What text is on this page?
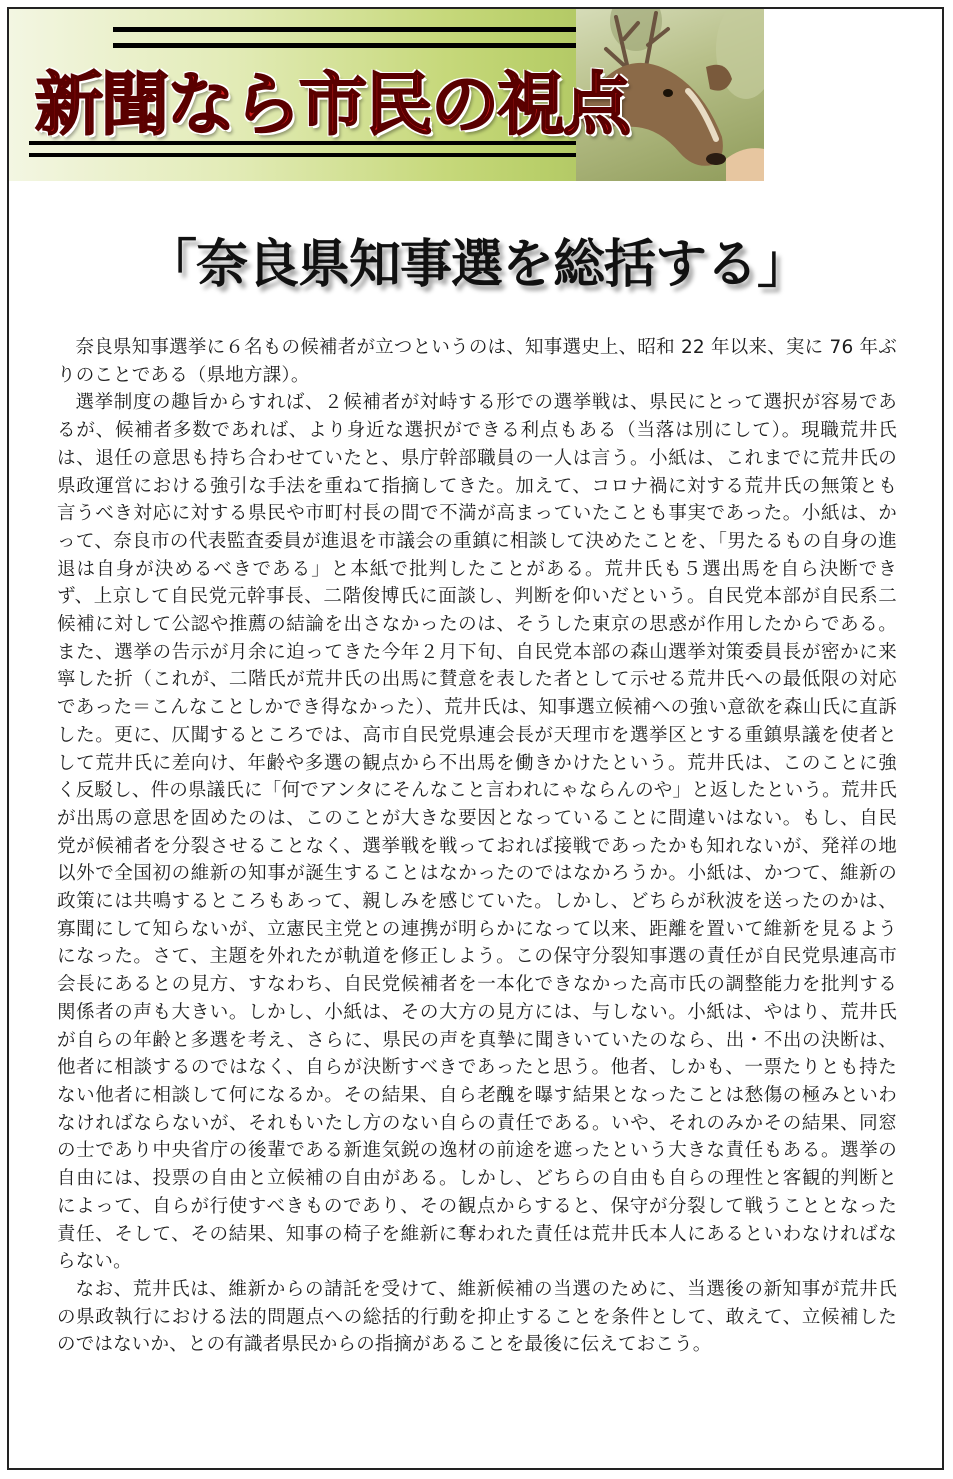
新聞なら市民の視点
「奈良県知事選を総括する」

奈良県知事選挙に６名もの候補者が立つというのは、知事選史上、昭和 22 年以来、実に 76 年ぶりのことである（県地方課）。

選挙制度の趣旨からすれば、２候補者が対峙する形での選挙戦は、県民にとって選択が容易であるが、候補者多数であれば、より身近な選択ができる利点もある（当落は別にして）。現職荒井氏は、退任の意思も持ち合わせていたと、県庁幹部職員の一人は言う。小紙は、これまでに荒井氏の県政運営における強引な手法を重ねて指摘してきた。加えて、コロナ禍に対する荒井氏の無策とも言うべき対応に対する県民や市町村長の間で不満が高まっていたことも事実であった。小紙は、かって、奈良市の代表監査委員が進退を市議会の重鎮に相談して決めたことを、「男たるもの自身の進退は自身が決めるべきである」と本紙で批判したことがある。荒井氏も５選出馬を自ら決断できず、上京して自民党元幹事長、二階俊博氏に面談し、判断を仰いだという。自民党本部が自民系二候補に対して公認や推薦の結論を出さなかったのは、そうした東京の思惑が作用したからである。また、選挙の告示が月余に迫ってきた今年２月下旬、自民党本部の森山選挙対策委員長が密かに来寧した折（これが、二階氏が荒井氏の出馬に賛意を表した者として示せる荒井氏への最低限の対応であった＝こんなことしかでき得なかった）、荒井氏は、知事選立候補への強い意欲を森山氏に直訴した。更に、仄聞するところでは、高市自民党県連会長が天理市を選挙区とする重鎮県議を使者として荒井氏に差向け、年齢や多選の観点から不出馬を働きかけたという。荒井氏は、このことに強く反駁し、件の県議氏に「何でアンタにそんなこと言われにゃならんのや」と返したという。荒井氏が出馬の意思を固めたのは、このことが大きな要因となっていることに間違いはない。もし、自民党が候補者を分裂させることなく、選挙戦を戦っておれば接戦であったかも知れないが、発祥の地以外で全国初の維新の知事が誕生することはなかったのではなかろうか。小紙は、かつて、維新の政策には共鳴するところもあって、親しみを感じていた。しかし、どちらが秋波を送ったのかは、寡聞にして知らないが、立憲民主党との連携が明らかになって以来、距離を置いて維新を見るようになった。さて、主題を外れたが軌道を修正しよう。この保守分裂知事選の責任が自民党県連高市会長にあるとの見方、すなわち、自民党候補者を一本化できなかった高市氏の調整能力を批判する関係者の声も大きい。しかし、小紙は、その大方の見方には、与しない。小紙は、やはり、荒井氏が自らの年齢と多選を考え、さらに、県民の声を真摯に聞きいていたのなら、出・不出の決断は、他者に相談するのではなく、自らが決断すべきであったと思う。他者、しかも、一票たりとも持たない他者に相談して何になるか。その結果、自ら老醜を曝す結果となったことは愁傷の極みといわなければならないが、それもいたし方のない自らの責任である。いや、それのみかその結果、同窓の士であり中央省庁の後輩である新進気鋭の逸材の前途を遮ったという大きな責任もある。選挙の自由には、投票の自由と立候補の自由がある。しかし、どちらの自由も自らの理性と客観的判断とによって、自らが行使すべきものであり、その観点からすると、保守が分裂して戦うこととなった責任、そして、その結果、知事の椅子を維新に奪われた責任は荒井氏本人にあるといわなければならない。

なお、荒井氏は、維新からの請託を受けて、維新候補の当選のために、当選後の新知事が荒井氏の県政執行における法的問題点への総括的行動を抑止することを条件として、敢えて、立候補したのではないか、との有識者県民からの指摘があることを最後に伝えておこう。
